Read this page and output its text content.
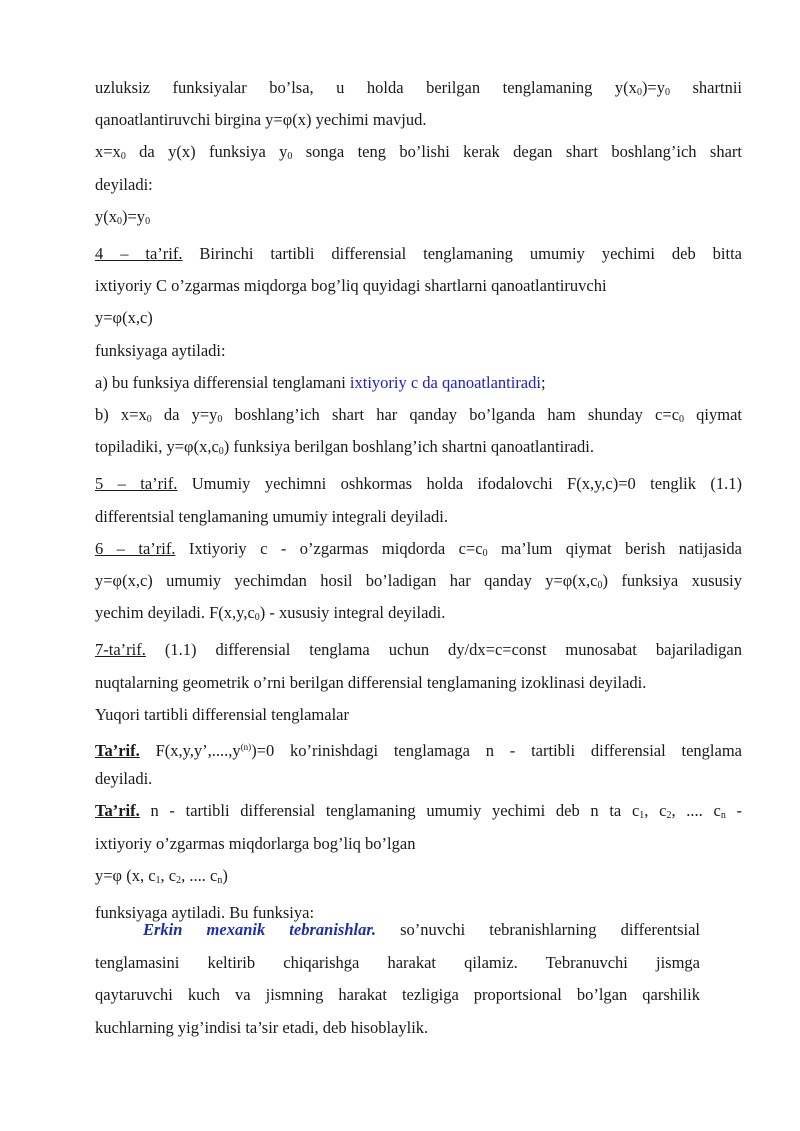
uzluksiz funksiyalar bo’lsa, u holda berilgan tenglamaning $y(x_0)=y_0$ shartnii
qanoatlantiruvchi birgina y=φ(x) yechimi mavjud.
$x=x_0$ da y(x) funksiya $y_0$ songa teng bo’lishi kerak degan shart boshlang’ich shart
deyiladi:
$y(x_0)=y_0$
4 – ta’rif. Birinchi tartibli differensial tenglamaning umumiy yechimi deb bitta
ixtiyoriy C o’zgarmas miqdorga bog’liq quyidagi shartlarni qanoatlantiruvchi
y=φ(x,c)
funksiyaga aytiladi:
a) bu funksiya differensial tenglamani ixtiyoriy c da qanoatlantiradi;
b) $x=x_0$ da $y=y_0$ boshlang’ich shart har qanday bo’lganda ham shunday $c=c_0$ qiymat
topiladiki, $y=\varphi(x,c_0)$ funksiya berilgan boshlang’ich shartni qanoatlantiradi.
5 – ta’rif. Umumiy yechimni oshkormas holda ifodalovchi F(x,y,c)=0 tenglik (1.1)
differentsial tenglamaning umumiy integrali deyiladi.
6 – ta’rif. Ixtiyoriy c - o’zgarmas miqdorda $c=c_0$ ma’lum qiymat berish natijasida
y=φ(x,c) umumiy yechimdan hosil bo’ladigan har qanday $y=\varphi(x,c_0)$ funksiya xususiy
yechim deyiladi. $F(x,y,c_0)$ - xususiy integral deyiladi.
7-ta’rif. (1.1) differensial tenglama uchun dy/dx=c=const munosabat bajariladigan
nuqtalarning geometrik o’rni berilgan differensial tenglamaning izoklinasi deyiladi.
Yuqori tartibli differensial tenglamalar
Ta’rif. $F(x,y,y’,....,y^{(n)})=0$ ko’rinishdagi tenglamaga n - tartibli differensial tenglama
deyiladi.
Ta’rif. n - tartibli differensial tenglamaning umumiy yechimi deb n ta $c_1$, $c_2$, .... $c_n$ -
ixtiyoriy o’zgarmas miqdorlarga bog’liq bo’lgan
y=φ (x, $c_1$, $c_2$, .... $c_n$)
funksiyaga aytiladi. Bu funksiya:
Erkin mexanik tebranishlar. so’nuvchi tebranishlarning differentsial
tenglamasini keltirib chiqarishga harakat qilamiz. Tebranuvchi jismga
qaytaruvchi kuch va jismning harakat tezligiga proportsional bo’lgan qarshilik
kuchlarning yig’indisi ta’sir etadi, deb hisoblaylik.
